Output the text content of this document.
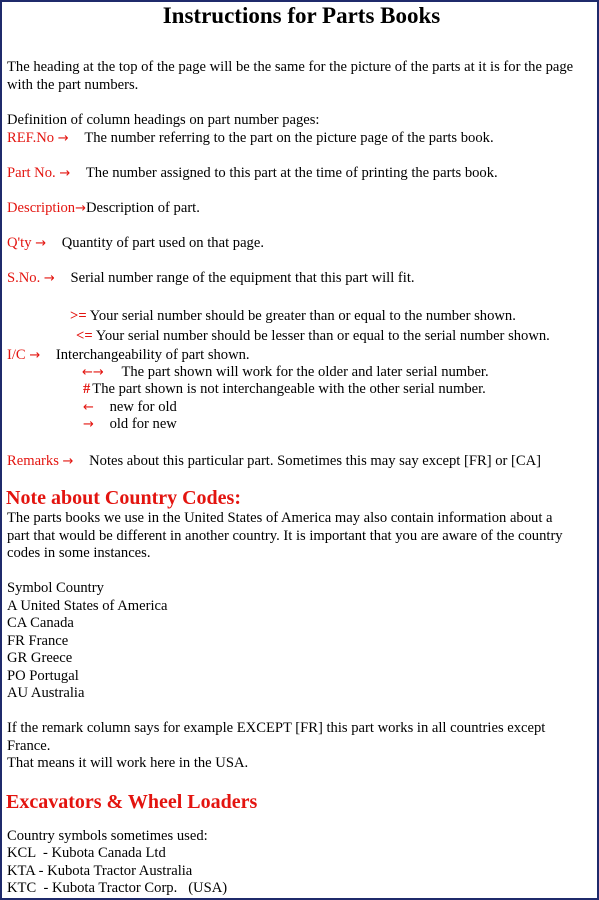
Instructions for Parts Books
The heading at the top of the page will be the same for the picture of the parts at it is for the page
with the part numbers.
Definition of column headings on part number pages:
REF.No → The number referring to the part on the picture page of the parts book.
Part No. → The number assigned to this part at the time of printing the parts book.
Description→Description of part.
Q'ty → Quantity of part used on that page.
S.No. → Serial number range of the equipment that this part will fit.
>= Your serial number should be greater than or equal to the number shown.
<= Your serial number should be lesser than or equal to the serial number shown.
I/C → Interchangeability of part shown.
←→ The part shown will work for the older and later serial number.
# The part shown is not interchangeable with the other serial number.
← new for old
→ old for new
Remarks → Notes about this particular part. Sometimes this may say except [FR] or [CA]
Note about Country Codes:
The parts books we use in the United States of America may also contain information about a
part that would be different in another country. It is important that you are aware of the country
codes in some instances.
Symbol Country
A United States of America
CA Canada
FR France
GR Greece
PO Portugal
AU Australia
If the remark column says for example EXCEPT [FR] this part works in all countries except
France.
That means it will work here in the USA.
Excavators & Wheel Loaders
Country symbols sometimes used:
KCL  - Kubota Canada Ltd
KTA - Kubota Tractor Australia
KTC  - Kubota Tractor Corp.   (USA)
